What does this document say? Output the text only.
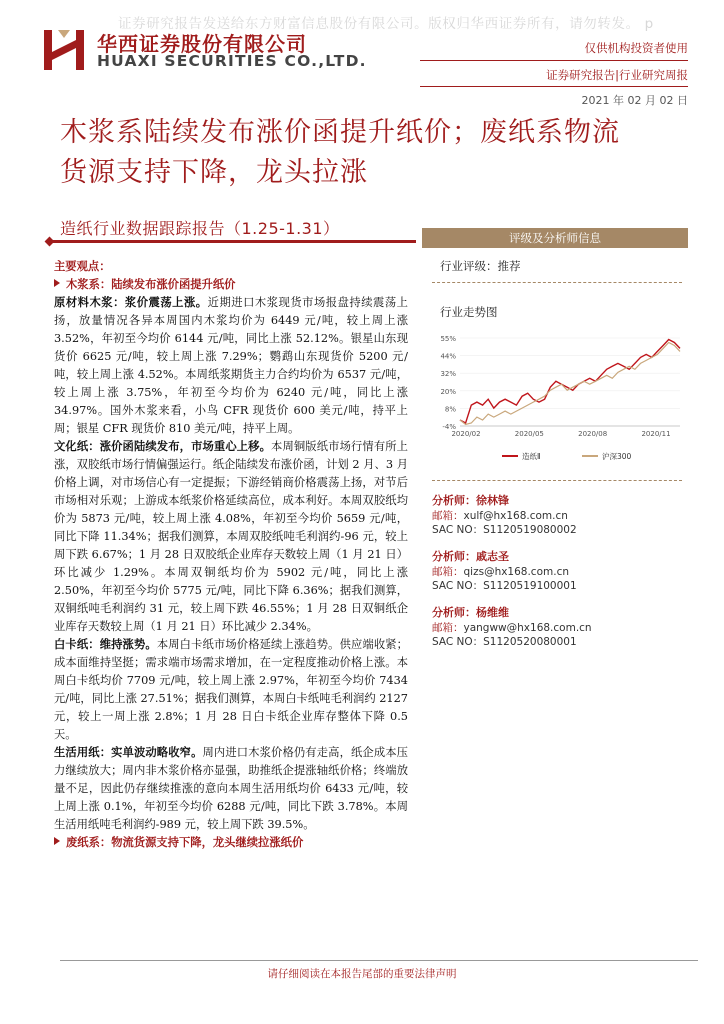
证券研究报告发送给东方财富信息股份有限公司。版权归华西证券所有，请勿转发。 p
华西证券股份有限公司
HUAXI SECURITIES CO.,LTD.
仅供机构投资者使用
证券研究报告|行业研究周报
2021 年 02 月 02 日
木浆系陆续发布涨价函提升纸价；废纸系物流
货源支持下降，龙头拉涨
造纸行业数据跟踪报告（1.25-1.31）

主要观点：

木浆系：陆续发布涨价函提升纸价

原材料木浆：浆价震荡上涨。近期进口木浆现货市场报盘持续震荡上扬，放量情况各异本周国内木浆均价为 6449 元/吨，较上周上涨 3.52%，年初至今均价 6144 元/吨，同比上涨 52.12%。银星山东现货价 6625 元/吨，较上周上涨 7.29%；鹦鹉山东现货价 5200 元/吨，较上周上涨 4.52%。本周纸浆期货主力合约均价为 6537 元/吨，较上周上涨 3.75%，年初至今均价为 6240 元/吨，同比上涨 34.97%。国外木浆来看，小鸟 CFR 现货价 600 美元/吨，持平上周；银星 CFR 现货价 810 美元/吨，持平上周。

文化纸：涨价函陆续发布，市场重心上移。本周铜版纸市场行情有所上涨，双胶纸市场行情偏强运行。纸企陆续发布涨价函，计划 2 月、3 月价格上调，对市场信心有一定提振；下游经销商价格震荡上扬，对节后市场相对乐观；上游成本纸浆价格延续高位，成本利好。本周双胶纸均价为 5873 元/吨，较上周上涨 4.08%，年初至今均价 5659 元/吨，同比下降 11.34%；据我们测算，本周双胶纸吨毛利润约-96 元，较上周下跌 6.67%；1 月 28 日双胶纸企业库存天数较上周（1 月 21 日）环比减少 1.29%。本周双铜纸均价为 5902 元/吨，同比上涨 2.50%，年初至今均价 5775 元/吨，同比下降 6.36%；据我们测算，双铜纸吨毛利润约 31 元，较上周下跌 46.55%；1 月 28 日双铜纸企业库存天数较上周（1 月 21 日）环比减少 2.34%。

白卡纸：维持涨势。本周白卡纸市场价格延续上涨趋势。供应端收紧；成本面维持坚挺；需求端市场需求增加，在一定程度推动价格上涨。本周白卡纸均价 7709 元/吨，较上周上涨 2.97%，年初至今均价 7434 元/吨，同比上涨 27.51%；据我们测算，本周白卡纸吨毛利润约 2127 元，较上一周上涨 2.8%；1 月 28 日白卡纸企业库存整体下降 0.5 天。

生活用纸：实单波动略收窄。周内进口木浆价格仍有走高，纸企成本压力继续放大；周内非木浆价格亦显强，助推纸企提涨轴纸价格；终端放量不足，因此仍存继续推涨的意向本周生活用纸均价 6433 元/吨，较上周上涨 0.1%，年初至今均价 6288 元/吨，同比下跌 3.78%。本周生活用纸吨毛利润约-989 元，较上周下跌 39.5%。

废纸系：物流货源支持下降，龙头继续拉涨纸价

评级及分析师信息
行业评级：推荐
行业走势图
55%
44%
32%
20%
8%
-4%
2020/02	2020/05	2020/08	2020/11
造纸Ⅱ	沪深300
分析师：徐林锋
邮箱：xulf@hx168.com.cn
SAC NO：S1120519080002
分析师：戚志圣
邮箱：qizs@hx168.com.cn
SAC NO：S1120519100001
分析师：杨维维
邮箱：yangww@hx168.com.cn
SAC NO：S1120520080001
请仔细阅读在本报告尾部的重要法律声明
